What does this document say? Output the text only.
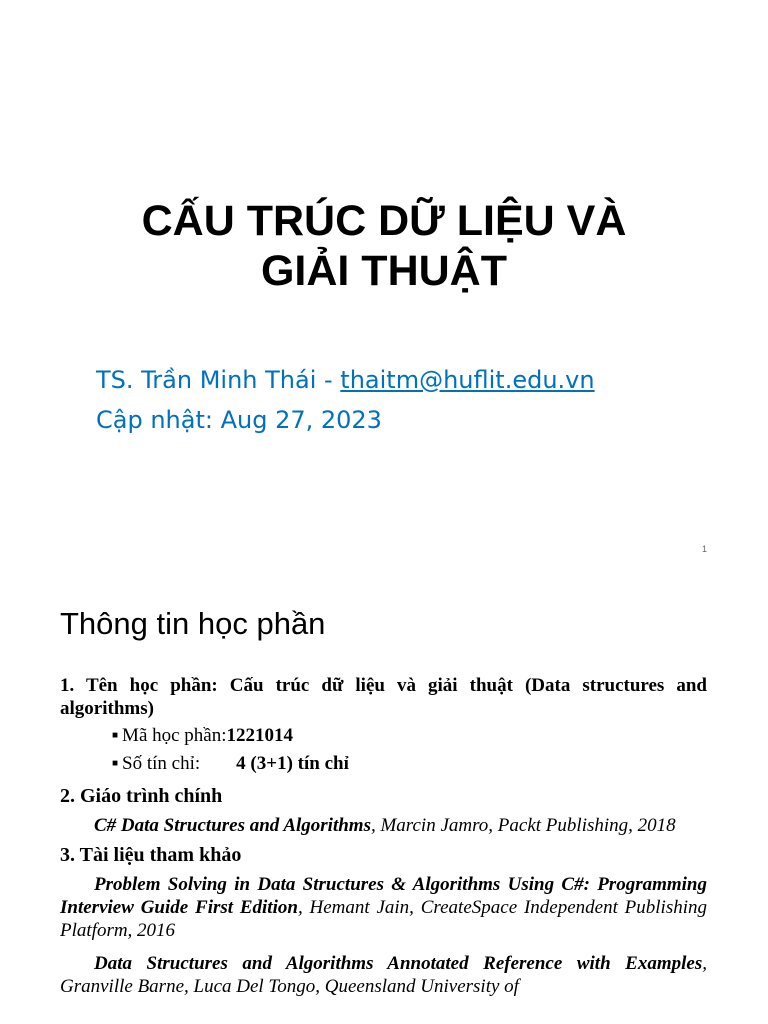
CẤU TRÚC DỮ LIỆU VÀ
GIẢI THUẬT
TS. Trần Minh Thái - thaitm@huflit.edu.vn
Cập nhật: Aug 27, 2023
1
Thông tin học phần

1. Tên học phần: Cấu trúc dữ liệu và giải thuật (Data structures and algorithms)

■ Mã học phần:1221014
■ Số tín chỉ: 4 (3+1) tín chỉ
2. Giáo trình chính
C# Data Structures and Algorithms, Marcin Jamro, Packt Publishing, 2018
3. Tài liệu tham khảo
Problem Solving in Data Structures & Algorithms Using C#: Programming Interview Guide First Edition, Hemant Jain, CreateSpace Independent Publishing Platform, 2016
Data Structures and Algorithms Annotated Reference with Examples, Granville Barne, Luca Del Tongo, Queensland University of
